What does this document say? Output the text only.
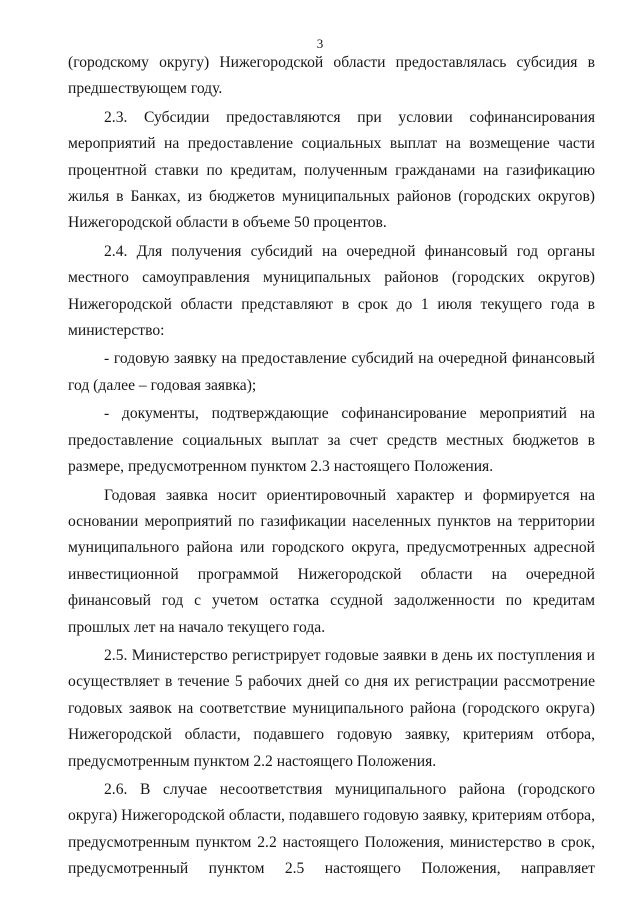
3

(городскому округу) Нижегородской области предоставлялась субсидия в предшествующем году.

2.3. Субсидии предоставляются при условии софинансирования мероприятий на предоставление социальных выплат на возмещение части процентной ставки по кредитам, полученным гражданами на газификацию жилья в Банках, из бюджетов муниципальных районов (городских округов) Нижегородской области в объеме 50 процентов.

2.4. Для получения субсидий на очередной финансовый год органы местного самоуправления муниципальных районов (городских округов) Нижегородской области представляют в срок до 1 июля текущего года в министерство:

- годовую заявку на предоставление субсидий на очередной финансовый год (далее – годовая заявка);

- документы, подтверждающие софинансирование мероприятий на предоставление социальных выплат за счет средств местных бюджетов в размере, предусмотренном пунктом 2.3 настоящего Положения.

Годовая заявка носит ориентировочный характер и формируется на основании мероприятий по газификации населенных пунктов на территории муниципального района или городского округа, предусмотренных адресной инвестиционной программой Нижегородской области на очередной финансовый год с учетом остатка ссудной задолженности по кредитам прошлых лет на начало текущего года.

2.5. Министерство регистрирует годовые заявки в день их поступления и осуществляет в течение 5 рабочих дней со дня их регистрации рассмотрение годовых заявок на соответствие муниципального района (городского округа) Нижегородской области, подавшего годовую заявку, критериям отбора, предусмотренным пунктом 2.2 настоящего Положения.

2.6. В случае несоответствия муниципального района (городского округа) Нижегородской области, подавшего годовую заявку, критериям отбора, предусмотренным пунктом 2.2 настоящего Положения, министерство в срок, предусмотренный пунктом 2.5 настоящего Положения, направляет
